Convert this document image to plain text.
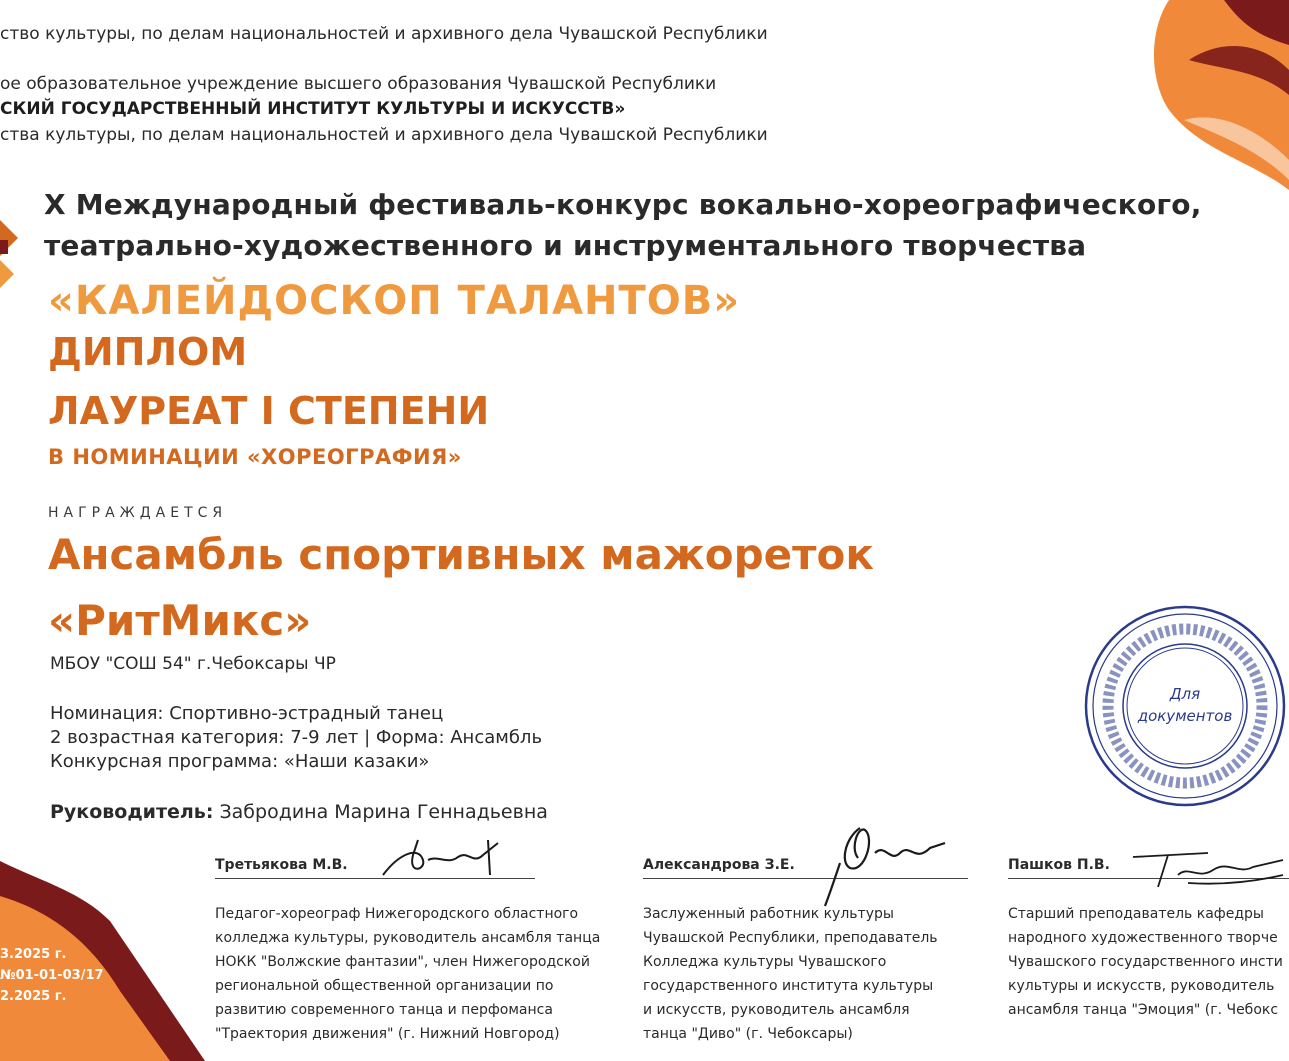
ство культуры, по делам национальностей и архивного дела Чувашской Республики
ое образовательное учреждение высшего образования Чувашской Республики
СКИЙ ГОСУДАРСТВЕННЫЙ ИНСТИТУТ КУЛЬТУРЫ И ИСКУССТВ»
ства культуры, по делам национальностей и архивного дела Чувашской Республики
X Международный фестиваль-конкурс вокально-хореографического,
театрально-художественного и инструментального творчества
«КАЛЕЙДОСКОП ТАЛАНТОВ»
ДИПЛОМ
ЛАУРЕАТ I СТЕПЕНИ
В НОМИНАЦИИ «ХОРЕОГРАФИЯ»
НАГРАЖДАЕТСЯ
Ансамбль спортивных мажореток
«РитМикс»
МБОУ "СОШ 54" г.Чебоксары ЧР
Номинация: Спортивно-эстрадный танец
2 возрастная категория: 7-9 лет | Форма: Ансамбль
Конкурсная программа: «Наши казаки»
Руководитель: Забродина Марина Геннадьевна
Для
документов
Третьякова М.В.	Александрова З.Е.	Пашков П.В.
Педагог-хореограф Нижегородского областного
колледжа культуры, руководитель ансамбля танца
НОКК "Волжские фантазии", член Нижегородской
региональной общественной организации по
развитию современного танца и перфоманса
"Траектория движения" (г. Нижний Новгород)
Заслуженный работник культуры
Чувашской Республики, преподаватель
Колледжа культуры Чувашского
государственного института культуры
и искусств, руководитель ансамбля
танца "Диво" (г. Чебоксары)
Старший преподаватель кафедры
народного художественного творче
Чувашского государственного инсти
культуры и искусств, руководитель
ансамбля танца "Эмоция" (г. Чебокс
3.2025 г.
№01-01-03/17
2.2025 г.
